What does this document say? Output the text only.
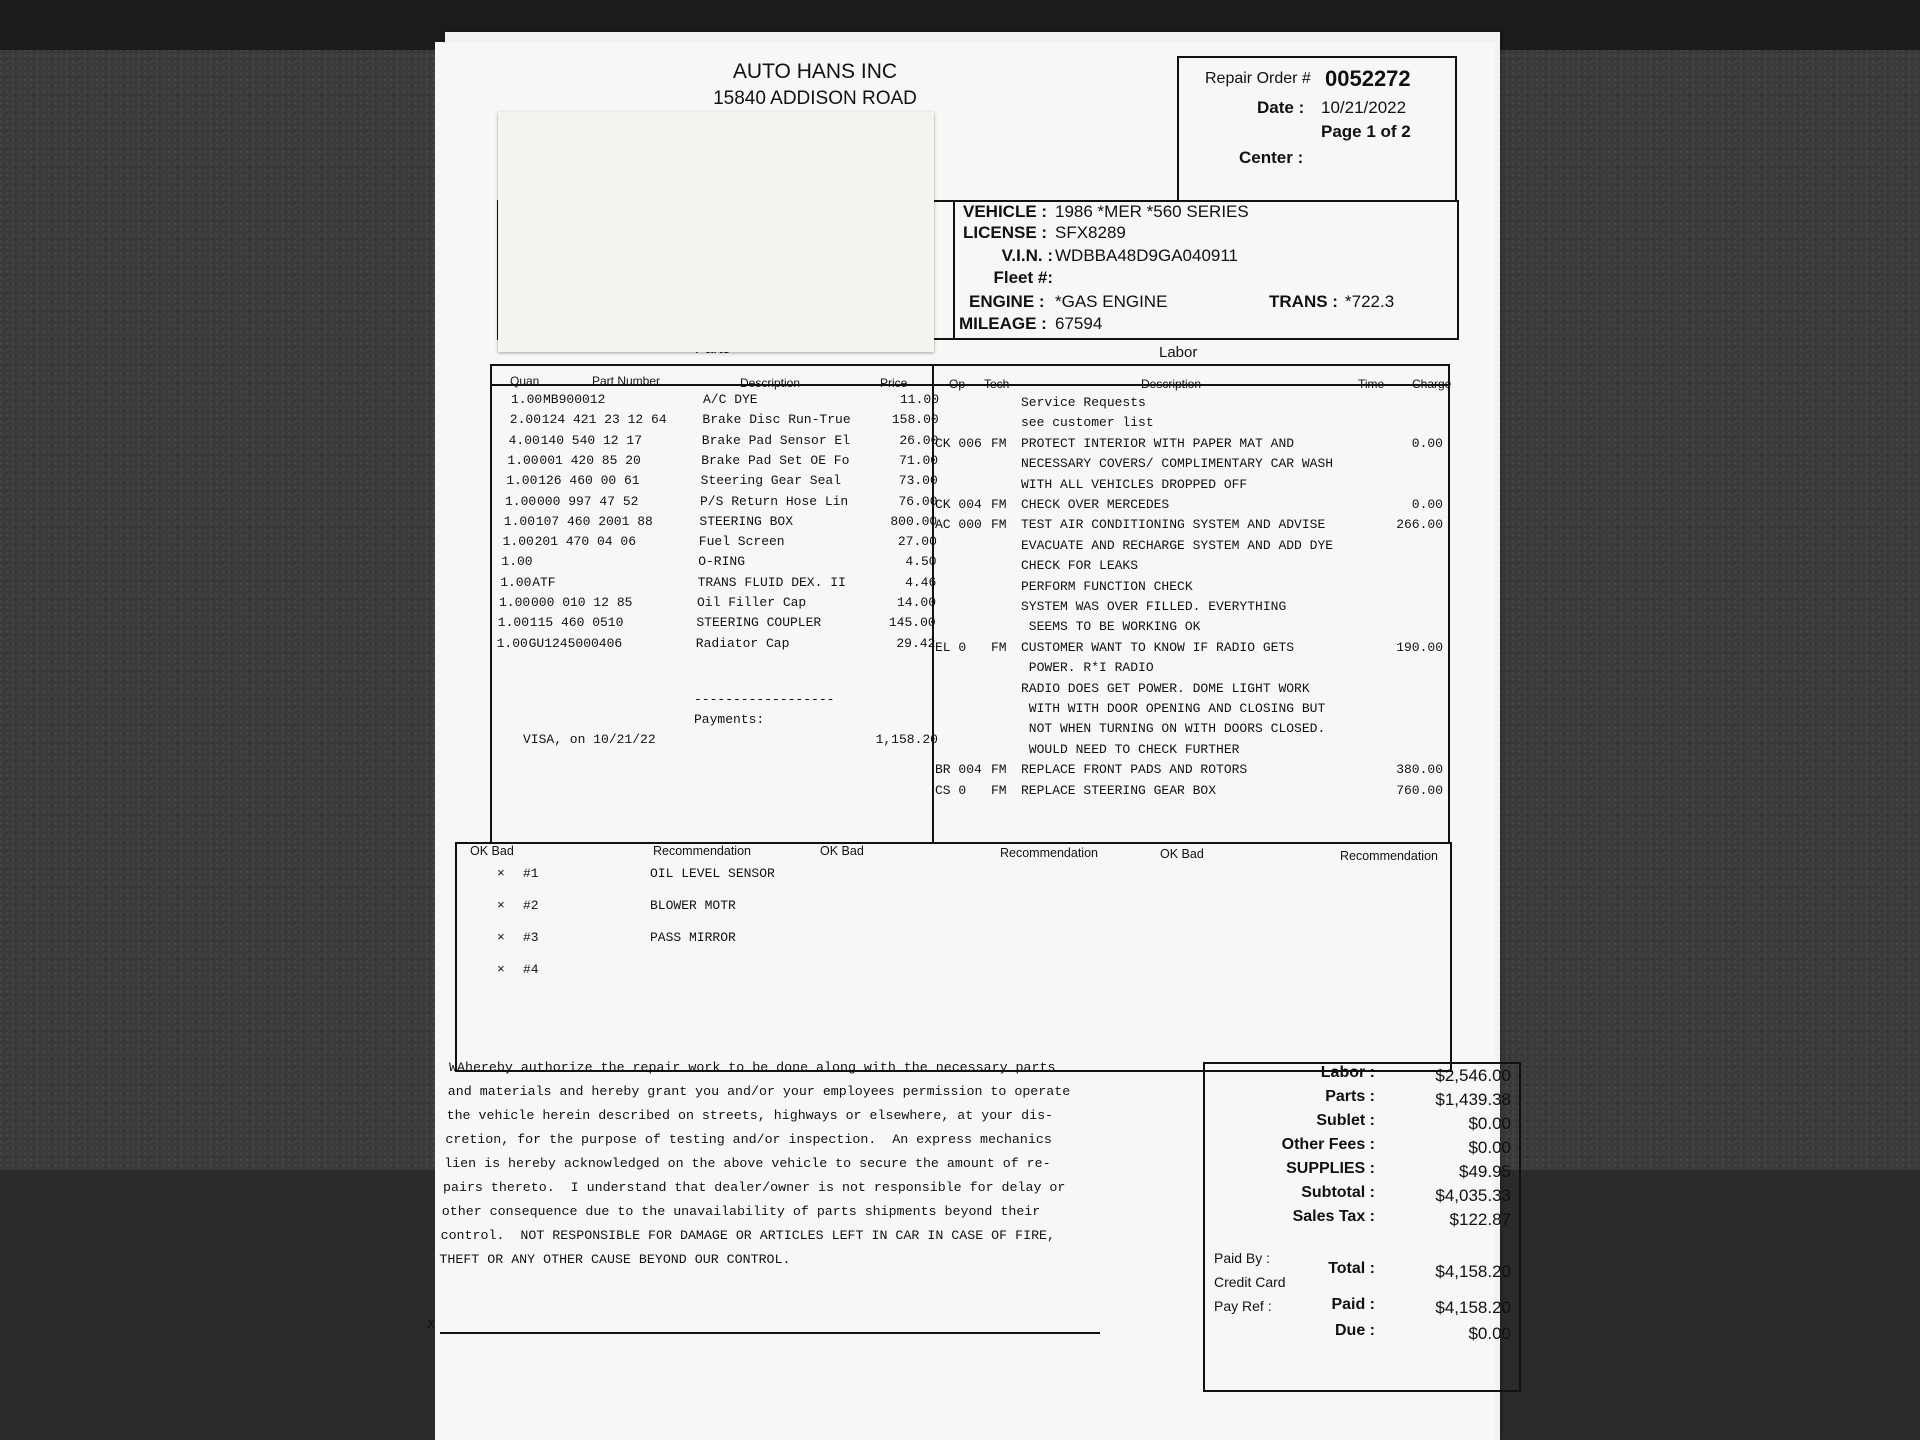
AUTO HANS INC
15840 ADDISON ROAD
Repair Order # 0052272
Date : 10/21/2022
Page 1 of 2
Center :
VEHICLE : 1986 *MER *560 SERIES
LICENSE : SFX8289
V.I.N. : WDBBA48D9GA040911
Fleet #:
ENGINE : *GAS ENGINE	TRANS : *722.3
MILEAGE : 67594
Labor
Quan	Part Number	Description	Price	Op Tech	Description	Time Charge
1.00 MB900012	A/C DYE	11.00
2.00 124 421 23 12 64	Brake Disc Run-True	158.00
4.00 140 540 12 17	Brake Pad Sensor El	26.00
1.00 001 420 85 20	Brake Pad Set OE Fo	71.00
1.00 126 460 00 61	Steering Gear Seal	73.00
1.00 000 997 47 52	P/S Return Hose Lin	76.00
1.00 107 460 2001 88	STEERING BOX	800.00
1.00 201 470 04 06	Fuel Screen	27.00
1.00	O-RING	4.50
1.00 ATF	TRANS FLUID DEX. II	4.46
1.00 000 010 12 85	Oil Filler Cap	14.00
1.00 115 460 0510	STEERING COUPLER	145.00
1.00 GU1245000406	Radiator Cap	29.42
------------------
Payments:
VISA, on 10/21/22	1,158.20
Service Requests
see customer list
CK 006 FM PROTECT INTERIOR WITH PAPER MAT AND	0.00
NECESSARY COVERS/ COMPLIMENTARY CAR WASH
WITH ALL VEHICLES DROPPED OFF
CK 004 FM CHECK OVER MERCEDES	0.00
AC 000 FM TEST AIR CONDITIONING SYSTEM AND ADVISE	266.00
EVACUATE AND RECHARGE SYSTEM AND ADD DYE
CHECK FOR LEAKS
PERFORM FUNCTION CHECK
SYSTEM WAS OVER FILLED. EVERYTHING
SEEMS TO BE WORKING OK
EL 0 FM CUSTOMER WANT TO KNOW IF RADIO GETS	190.00
POWER. R*I RADIO
RADIO DOES GET POWER. DOME LIGHT WORK
WITH WITH DOOR OPENING AND CLOSING BUT
NOT WHEN TURNING ON WITH DOORS CLOSED.
WOULD NEED TO CHECK FURTHER
BR 004 FM REPLACE FRONT PADS AND ROTORS	380.00
CS 0 FM REPLACE STEERING GEAR BOX	760.00
OK Bad	Recommendation	OK Bad	Recommendation	OK Bad	Recommendation
× #1	OIL LEVEL SENSOR
× #2	BLOWER MOTR
× #3	PASS MIRROR
× #4
WAhereby authorize the repair work to be done along with the necessary parts
and materials and hereby grant you and/or your employees permission to operate
the vehicle herein described on streets, highways or elsewhere, at your dis-
cretion, for the purpose of testing and/or inspection.  An express mechanics
lien is hereby acknowledged on the above vehicle to secure the amount of re-
pairs thereto.  I understand that dealer/owner is not responsible for delay or
other consequence due to the unavailability of parts shipments beyond their
control.  NOT RESPONSIBLE FOR DAMAGE OR ARTICLES LEFT IN CAR IN CASE OF FIRE,
THEFT OR ANY OTHER CAUSE BEYOND OUR CONTROL.
X
Labor :	$2,546.00
Parts :	$1,439.38
Sublet :	$0.00
Other Fees :	$0.00
SUPPLIES :	$49.95
Subtotal :	$4,035.33
Sales Tax :	$122.87
Paid By :
Credit Card
Pay Ref :
Total :	$4,158.20
Paid :	$4,158.20
Due :	$0.00
